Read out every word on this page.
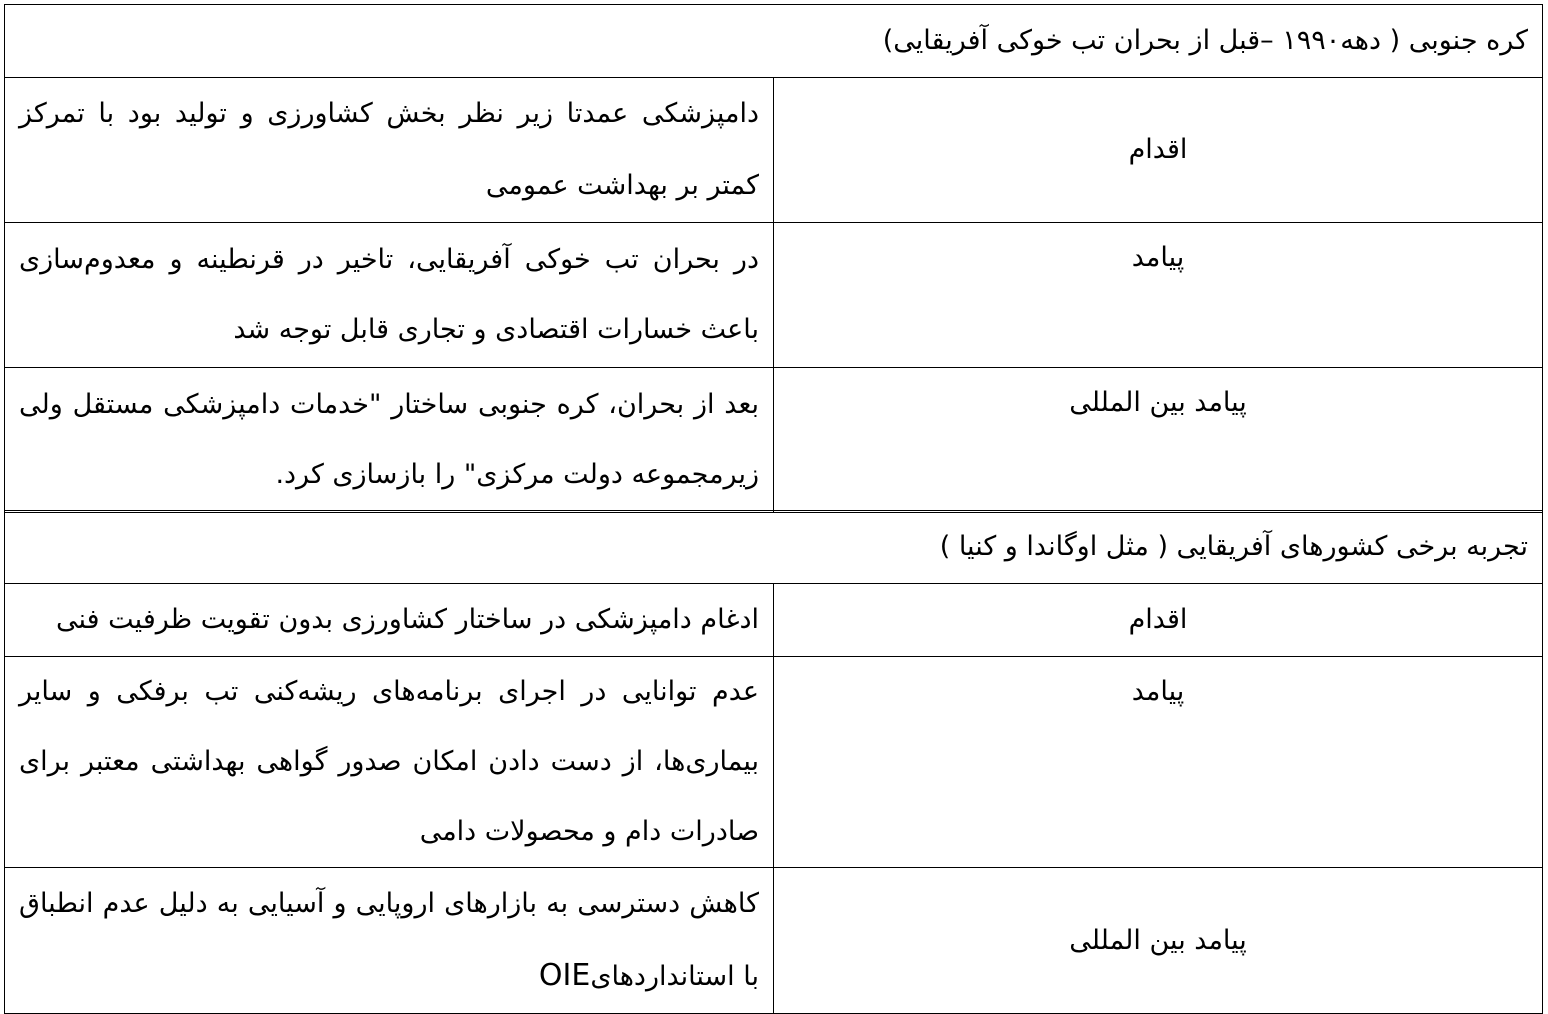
کره جنوبی ( دهه۱۹۹۰ –قبل از بحران تب خوکی آفریقایی)	
اقدام	دامپزشکی عمدتا زیر نظر بخش کشاورزی و تولید بود با تمرکز کمتر بر بهداشت عمومی
پیامد	در بحران تب خوکی آفریقایی، تاخیر در قرنطینه و معدوم‌سازی باعث خسارات اقتصادی و تجاری قابل توجه شد
پیامد بین المللی	بعد از بحران، کره جنوبی ساختار "خدمات دامپزشکی مستقل ولی زیرمجموعه دولت مرکزی" را بازسازی کرد.
تجربه برخی کشورهای آفریقایی ( مثل اوگاندا و کنیا )	
اقدام	ادغام دامپزشکی در ساختار کشاورزی بدون تقویت ظرفیت فنی
پیامد	عدم توانایی در اجرای برنامه‌های ریشه‌کنی تب برفکی و سایر بیماری‌ها، از دست دادن امکان صدور گواهی بهداشتی معتبر برای صادرات دام و محصولات دامی
پیامد بین المللی	کاهش دسترسی به بازارهای اروپایی و آسیایی به دلیل عدم انطباق با استانداردهایOIE
